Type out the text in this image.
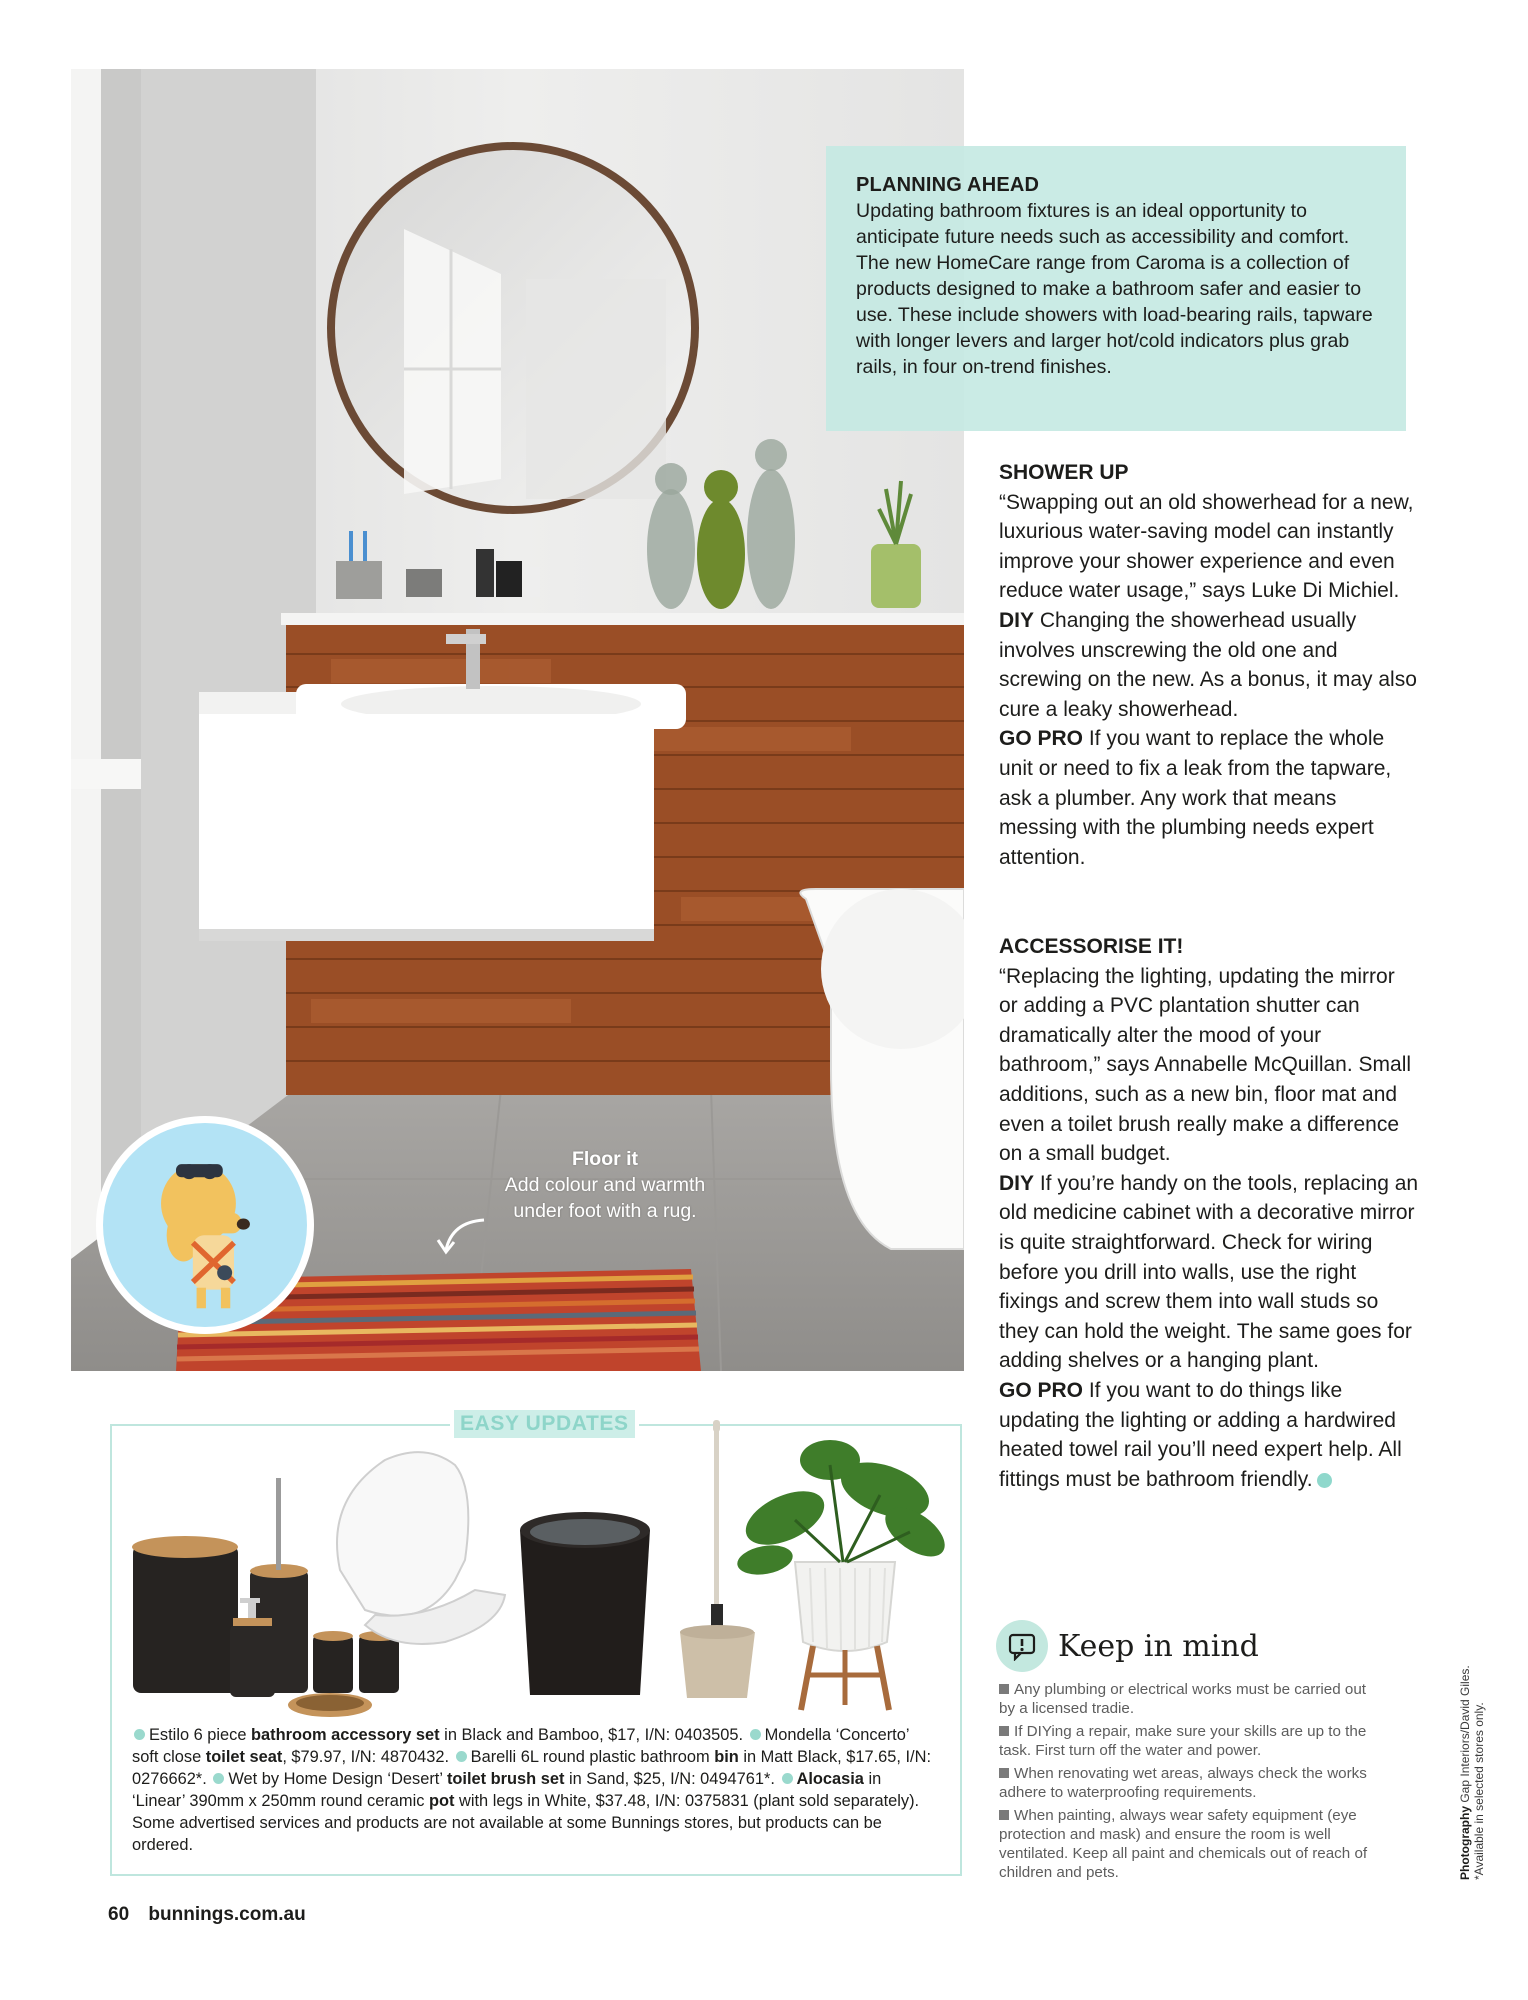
Floor it
Add colour and warmth under foot with a rug.
PLANNING AHEAD

Updating bathroom fixtures is an ideal opportunity to anticipate future needs such as accessibility and comfort. The new HomeCare range from Caroma is a collection of products designed to make a bathroom safer and easier to use. These include showers with load-bearing rails, tapware with longer levers and larger hot/cold indicators plus grab rails, in four on-trend finishes.

SHOWER UP

“Swapping out an old showerhead for a new, luxurious water-saving model can instantly improve your shower experience and even reduce water usage,” says Luke Di Michiel.

DIY Changing the showerhead usually involves unscrewing the old one and screwing on the new. As a bonus, it may also cure a leaky showerhead.

GO PRO If you want to replace the whole unit or need to fix a leak from the tapware, ask a plumber. Any work that means messing with the plumbing needs expert attention.

ACCESSORISE IT!

“Replacing the lighting, updating the mirror or adding a PVC plantation shutter can dramatically alter the mood of your bathroom,” says Annabelle McQuillan. Small additions, such as a new bin, floor mat and even a toilet brush really make a difference on a small budget.

DIY If you’re handy on the tools, replacing an old medicine cabinet with a decorative mirror is quite straightforward. Check for wiring before you drill into walls, use the right fixings and screw them into wall studs so they can hold the weight. The same goes for adding shelves or a hanging plant.

GO PRO If you want to do things like updating the lighting or adding a hardwired heated towel rail you’ll need expert help. All fittings must be bathroom friendly.

Keep in mind
Any plumbing or electrical works must be carried out by a licensed tradie.
If DIYing a repair, make sure your skills are up to the task. First turn off the water and power.
When renovating wet areas, always check the works adhere to waterproofing requirements.
When painting, always wear safety equipment (eye protection and mask) and ensure the room is well ventilated. Keep all paint and chemicals out of reach of children and pets.	Photography Gap Interiors/David Giles. *Available in selected stores only.
EASY UPDATES
Estilo 6 piece bathroom accessory set in Black and Bamboo, $17, I/N: 0403505. Mondella ‘Concerto’ soft close toilet seat, $79.97, I/N: 4870432. Barelli 6L round plastic bathroom bin in Matt Black, $17.65, I/N: 0276662*. Wet by Home Design ‘Desert’ toilet brush set in Sand, $25, I/N: 0494761*. Alocasia in ‘Linear’ 390mm x 250mm round ceramic pot with legs in White, $37.48, I/N: 0375831 (plant sold separately). Some advertised services and products are not available at some Bunnings stores, but products can be ordered.
60 bunnings.com.au
